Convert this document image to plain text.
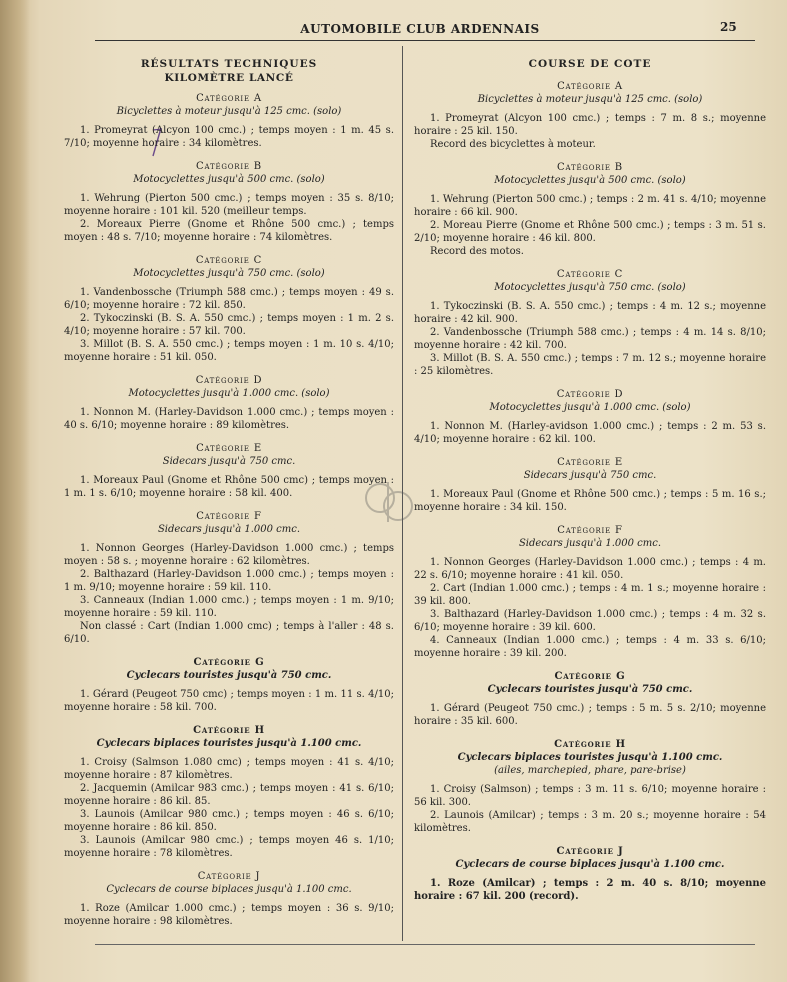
AUTOMOBILE CLUB ARDENNAIS	25
RÉSULTATS TECHNIQUES
KILOMÈTRE LANCÉ
Catégorie A
Bicyclettes à moteur jusqu'à 125 cmc. (solo)

1. Promeyrat (Alcyon 100 cmc.) ; temps moyen : 1 m. 45 s. 7/10; moyenne horaire : 34 kilomètres.

Catégorie B
Motocyclettes jusqu'à 500 cmc. (solo)

1. Wehrung (Pierton 500 cmc.) ; temps moyen : 35 s. 8/10; moyenne horaire : 101 kil. 520 (meilleur temps.

2. Moreaux Pierre (Gnome et Rhône 500 cmc.) ; temps moyen : 48 s. 7/10; moyenne horaire : 74 kilomètres.

Catégorie C
Motocyclettes jusqu'à 750 cmc. (solo)

1. Vandenbossche (Triumph 588 cmc.) ; temps moyen : 49 s. 6/10; moyenne horaire : 72 kil. 850.

2. Tykoczinski (B. S. A. 550 cmc.) ; temps moyen : 1 m. 2 s. 4/10; moyenne horaire : 57 kil. 700.

3. Millot (B. S. A. 550 cmc.) ; temps moyen : 1 m. 10 s. 4/10; moyenne horaire : 51 kil. 050.

Catégorie D
Motocyclettes jusqu'à 1.000 cmc. (solo)

1. Nonnon M. (Harley-Davidson 1.000 cmc.) ; temps moyen : 40 s. 6/10; moyenne horaire : 89 kilomètres.

Catégorie E
Sidecars jusqu'à 750 cmc.

1. Moreaux Paul (Gnome et Rhône 500 cmc) ; temps moyen : 1 m. 1 s. 6/10; moyenne horaire : 58 kil. 400.

Catégorie F
Sidecars jusqu'à 1.000 cmc.

1. Nonnon Georges (Harley-Davidson 1.000 cmc.) ; temps moyen : 58 s. ; moyenne horaire : 62 kilomètres.

2. Balthazard (Harley-Davidson 1.000 cmc.) ; temps moyen : 1 m. 9/10; moyenne horaire : 59 kil. 110.

3. Canneaux (Indian 1.000 cmc.) ; temps moyen : 1 m. 9/10; moyenne horaire : 59 kil. 110.

Non classé : Cart (Indian 1.000 cmc) ; temps à l'aller : 48 s. 6/10.

Catégorie G
Cyclecars touristes jusqu'à 750 cmc.

1. Gérard (Peugeot 750 cmc) ; temps moyen : 1 m. 11 s. 4/10; moyenne horaire : 58 kil. 700.

Catégorie H
Cyclecars biplaces touristes jusqu'à 1.100 cmc.

1. Croisy (Salmson 1.080 cmc) ; temps moyen : 41 s. 4/10; moyenne horaire : 87 kilomètres.

2. Jacquemin (Amilcar 983 cmc.) ; temps moyen : 41 s. 6/10; moyenne horaire : 86 kil. 85.

3. Launois (Amilcar 980 cmc.) ; temps moyen : 46 s. 6/10; moyenne horaire : 86 kil. 850.

3. Launois (Amilcar 980 cmc.) ; temps moyen 46 s. 1/10; moyenne horaire : 78 kilomètres.

Catégorie J
Cyclecars de course biplaces jusqu'à 1.100 cmc.

1. Roze (Amilcar 1.000 cmc.) ; temps moyen : 36 s. 9/10; moyenne horaire : 98 kilomètres.

COURSE DE COTE
Catégorie A
Bicyclettes à moteur jusqu'à 125 cmc. (solo)

1. Promeyrat (Alcyon 100 cmc.) ; temps : 7 m. 8 s.; moyenne horaire : 25 kil. 150.

Record des bicyclettes à moteur.

Catégorie B
Motocyclettes jusqu'à 500 cmc. (solo)

1. Wehrung (Pierton 500 cmc.) ; temps : 2 m. 41 s. 4/10; moyenne horaire : 66 kil. 900.

2. Moreau Pierre (Gnome et Rhône 500 cmc.) ; temps : 3 m. 51 s. 2/10; moyenne horaire : 46 kil. 800.

Record des motos.

Catégorie C
Motocyclettes jusqu'à 750 cmc. (solo)

1. Tykoczinski (B. S. A. 550 cmc.) ; temps : 4 m. 12 s.; moyenne horaire : 42 kil. 900.

2. Vandenbossche (Triumph 588 cmc.) ; temps : 4 m. 14 s. 8/10; moyenne horaire : 42 kil. 700.

3. Millot (B. S. A. 550 cmc.) ; temps : 7 m. 12 s.; moyenne horaire : 25 kilomètres.

Catégorie D
Motocyclettes jusqu'à 1.000 cmc. (solo)

1. Nonnon M. (Harley-avidson 1.000 cmc.) ; temps : 2 m. 53 s. 4/10; moyenne horaire : 62 kil. 100.

Catégorie E
Sidecars jusqu'à 750 cmc.

1. Moreaux Paul (Gnome et Rhône 500 cmc.) ; temps : 5 m. 16 s.; moyenne horaire : 34 kil. 150.

Catégorie F
Sidecars jusqu'à 1.000 cmc.

1. Nonnon Georges (Harley-Davidson 1.000 cmc.) ; temps : 4 m. 22 s. 6/10; moyenne horaire : 41 kil. 050.

2. Cart (Indian 1.000 cmc.) ; temps : 4 m. 1 s.; moyenne horaire : 39 kil. 800.

3. Balthazard (Harley-Davidson 1.000 cmc.) ; temps : 4 m. 32 s. 6/10; moyenne horaire : 39 kil. 600.

4. Canneaux (Indian 1.000 cmc.) ; temps : 4 m. 33 s. 6/10; moyenne horaire : 39 kil. 200.

Catégorie G
Cyclecars touristes jusqu'à 750 cmc.

1. Gérard (Peugeot 750 cmc.) ; temps : 5 m. 5 s. 2/10; moyenne horaire : 35 kil. 600.

Catégorie H
Cyclecars biplaces touristes jusqu'à 1.100 cmc.
(ailes, marchepied, phare, pare-brise)

1. Croisy (Salmson) ; temps : 3 m. 11 s. 6/10; moyenne horaire : 56 kil. 300.

2. Launois (Amilcar) ; temps : 3 m. 20 s.; moyenne horaire : 54 kilomètres.

Catégorie J
Cyclecars de course biplaces jusqu'à 1.100 cmc.

1. Roze (Amilcar) ; temps : 2 m. 40 s. 8/10; moyenne horaire : 67 kil. 200 (record).
